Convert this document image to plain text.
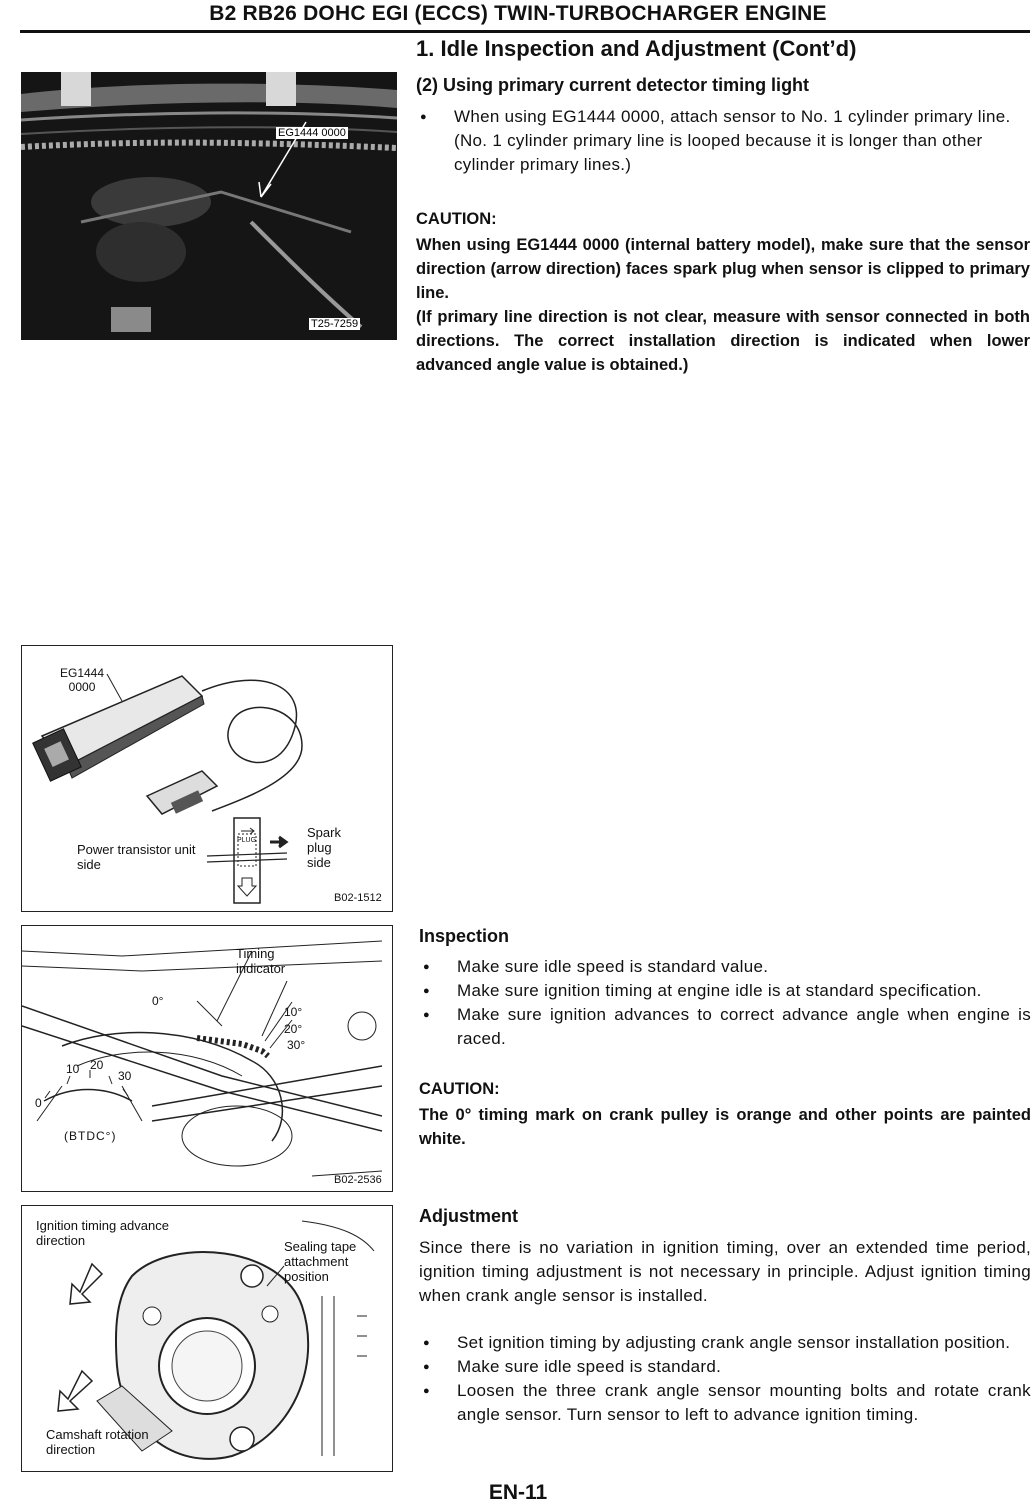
B2 RB26 DOHC EGI (ECCS) TWIN-TURBOCHARGER ENGINE
1. Idle Inspection and Adjustment (Cont’d)
(2) Using primary current detector timing light
● When using EG1444 0000, attach sensor to No. 1 cylinder primary line.
(No. 1 cylinder primary line is looped because it is longer than other cylinder primary lines.)
CAUTION:
When using EG1444 0000 (internal battery model), make sure that the sensor direction (arrow direction) faces spark plug when sensor is clipped to primary line.
(If primary line direction is not clear, measure with sensor connected in both directions. The correct installation direction is indicated when lower advanced angle value is obtained.)
EG1444 0000
T25-7259
EG1444
0000
PLUG
Power transistor unit side
Spark plug side
B02-1512
Timing indicator
0°
10°
20°
30°
0
10 20
30
(BTDC°)
B02-2536
Ignition timing advance direction	Sealing tape attachment position
Camshaft rotation direction
Inspection
● Make sure idle speed is standard value.
● Make sure ignition timing at engine idle is at standard specification.
● Make sure ignition advances to correct advance angle when engine is raced.
CAUTION:
The 0° timing mark on crank pulley is orange and other points are painted white.
Adjustment
Since there is no variation in ignition timing, over an extended time period, ignition timing adjustment is not necessary in principle. Adjust ignition timing when crank angle sensor is installed.
● Set ignition timing by adjusting crank angle sensor installation position.
● Make sure idle speed is standard.
● Loosen the three crank angle sensor mounting bolts and rotate crank angle sensor. Turn sensor to left to advance ignition timing.
EN-11
